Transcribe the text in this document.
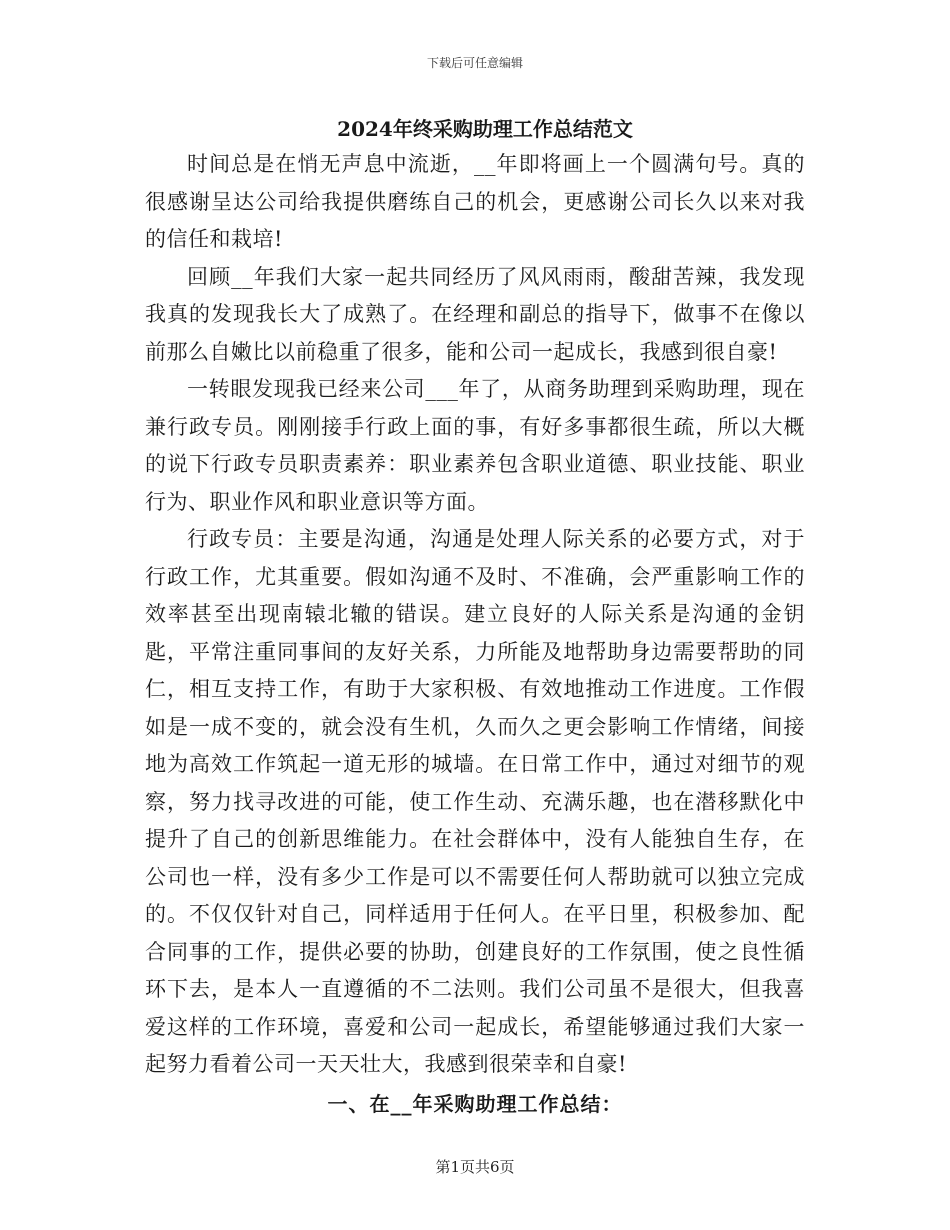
下载后可任意编辑
2024年终采购助理工作总结范文

时间总是在悄无声息中流逝，__年即将画上一个圆满句号。真的很感谢呈达公司给我提供磨练自己的机会，更感谢公司长久以来对我的信任和栽培!

回顾__年我们大家一起共同经历了风风雨雨，酸甜苦辣，我发现我真的发现我长大了成熟了。在经理和副总的指导下，做事不在像以前那么自嫩比以前稳重了很多，能和公司一起成长，我感到很自豪!

一转眼发现我已经来公司___年了，从商务助理到采购助理，现在兼行政专员。刚刚接手行政上面的事，有好多事都很生疏，所以大概的说下行政专员职责素养：职业素养包含职业道德、职业技能、职业行为、职业作风和职业意识等方面。

行政专员：主要是沟通，沟通是处理人际关系的必要方式，对于行政工作，尤其重要。假如沟通不及时、不准确，会严重影响工作的效率甚至出现南辕北辙的错误。建立良好的人际关系是沟通的金钥匙，平常注重同事间的友好关系，力所能及地帮助身边需要帮助的同仁，相互支持工作，有助于大家积极、有效地推动工作进度。工作假如是一成不变的，就会没有生机，久而久之更会影响工作情绪，间接地为高效工作筑起一道无形的城墙。在日常工作中，通过对细节的观察，努力找寻改进的可能，使工作生动、充满乐趣，也在潜移默化中提升了自己的创新思维能力。在社会群体中，没有人能独自生存，在公司也一样，没有多少工作是可以不需要任何人帮助就可以独立完成的。不仅仅针对自己，同样适用于任何人。在平日里，积极参加、配合同事的工作，提供必要的协助，创建良好的工作氛围，使之良性循环下去，是本人一直遵循的不二法则。我们公司虽不是很大，但我喜爱这样的工作环境，喜爱和公司一起成长，希望能够通过我们大家一起努力看着公司一天天壮大，我感到很荣幸和自豪!

一、在__年采购助理工作总结：
第1页共6页
